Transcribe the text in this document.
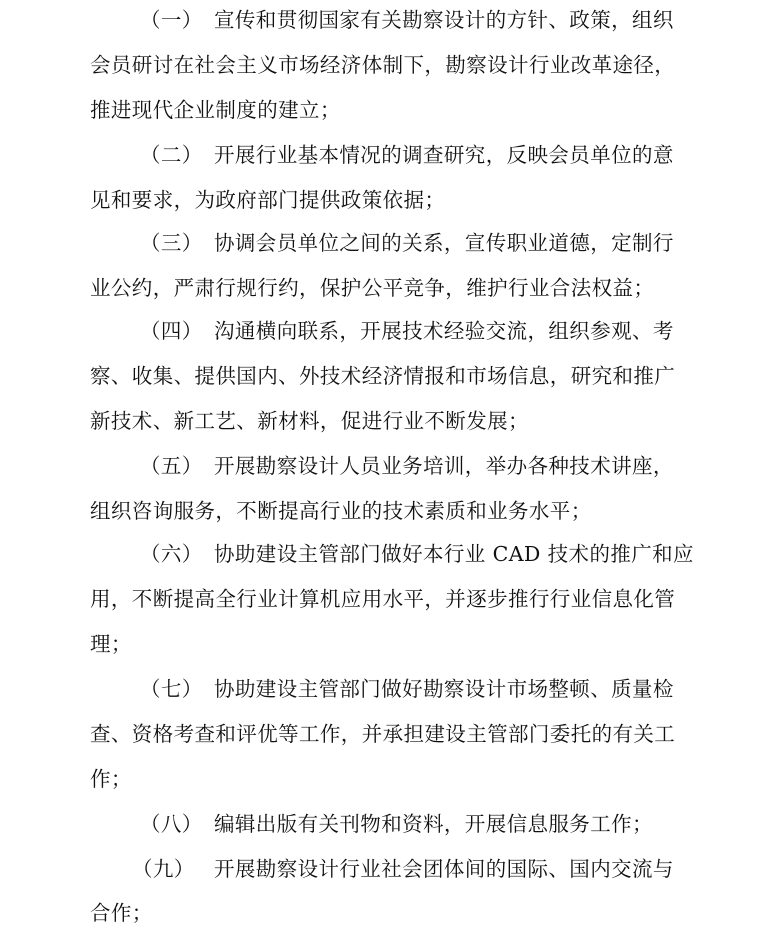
（一） 宣传和贯彻国家有关勘察设计的方针、政策，组织
会员研讨在社会主义市场经济体制下，勘察设计行业改革途径，
推进现代企业制度的建立；
（二） 开展行业基本情况的调查研究，反映会员单位的意
见和要求，为政府部门提供政策依据；
（三） 协调会员单位之间的关系，宣传职业道德，定制行
业公约，严肃行规行约，保护公平竞争，维护行业合法权益；
（四） 沟通横向联系，开展技术经验交流，组织参观、考
察、收集、提供国内、外技术经济情报和市场信息，研究和推广
新技术、新工艺、新材料，促进行业不断发展；
（五） 开展勘察设计人员业务培训，举办各种技术讲座，
组织咨询服务，不断提高行业的技术素质和业务水平；
（六） 协助建设主管部门做好本行业 CAD 技术的推广和应
用，不断提高全行业计算机应用水平，并逐步推行行业信息化管
理；
（七） 协助建设主管部门做好勘察设计市场整顿、质量检
查、资格考查和评优等工作，并承担建设主管部门委托的有关工
作；
（八） 编辑出版有关刊物和资料，开展信息服务工作；
（九） 开展勘察设计行业社会团体间的国际、国内交流与
合作；
